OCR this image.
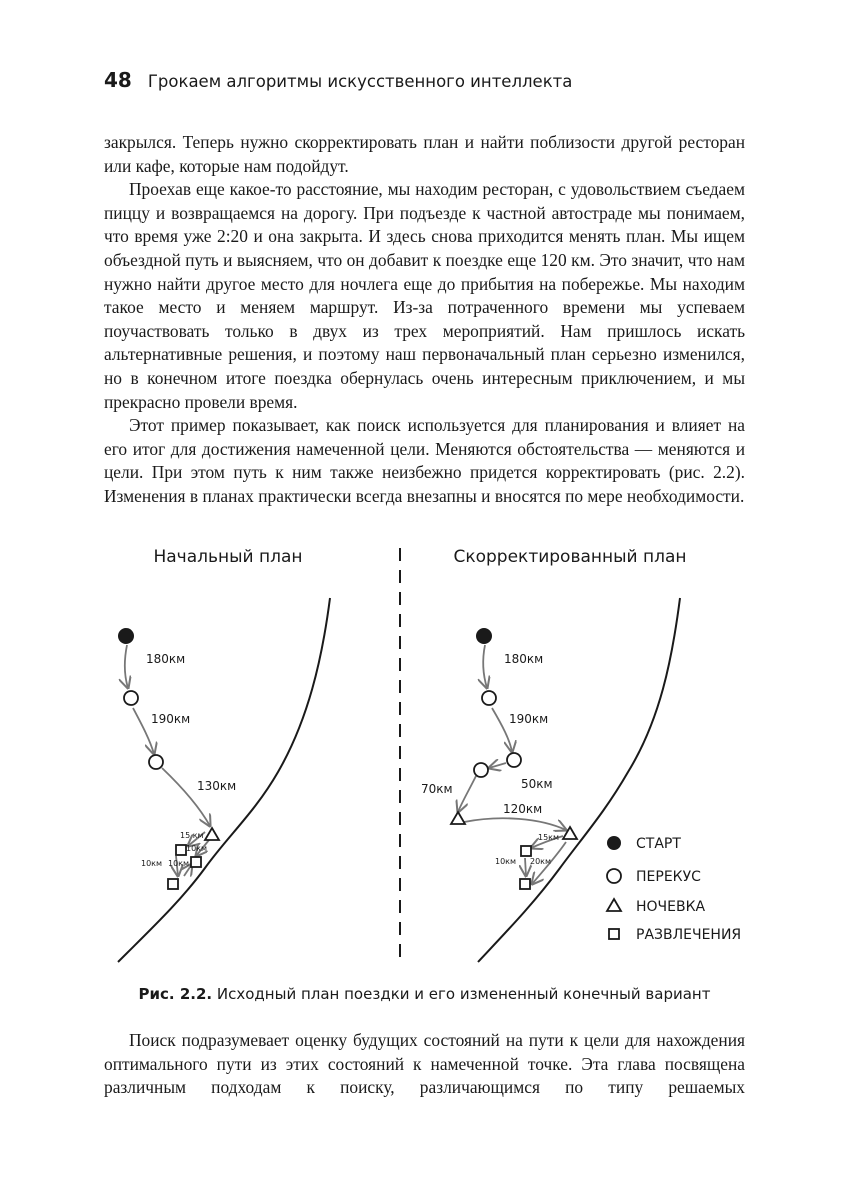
48 Грокаем алгоритмы искусственного интеллекта

закрылся. Теперь нужно скорректировать план и найти поблизости другой ресторан или кафе, которые нам подойдут.

Проехав еще какое-то расстояние, мы находим ресторан, с удовольствием съедаем пиццу и возвращаемся на дорогу. При подъезде к частной автостраде мы понимаем, что время уже 2:20 и она закрыта. И здесь снова приходится менять план. Мы ищем объездной путь и выясняем, что он добавит к поездке еще 120 км. Это значит, что нам нужно найти другое место для ночлега еще до прибытия на побережье. Мы находим такое место и меняем маршрут. Из-за потраченного времени мы успеваем поучаствовать только в двух из трех мероприятий. Нам пришлось искать альтернативные решения, и поэтому наш первоначальный план серьезно изменился, но в конечном итоге поездка обернулась очень интересным приключением, и мы прекрасно провели время.

Этот пример показывает, как поиск используется для планирования и влияет на его итог для достижения намеченной цели. Меняются обстоятельства — меняются и цели. При этом путь к ним также неизбежно придется корректировать (рис. 2.2). Изменения в планах практически всегда внезапны и вносятся по мере необходимости.

Начальный план	Скорректированный план
180км
190км
130км
15 км
10км
10км 10км
180км
190км
50км
70км
120км
15км
20км
10км
СТАРТ
ПЕРЕКУС
НОЧЕВКА
РАЗВЛЕЧЕНИЯ
Рис. 2.2. Исходный план поездки и его измененный конечный вариант

Поиск подразумевает оценку будущих состояний на пути к цели для нахождения оптимального пути из этих состояний к намеченной точке. Эта глава посвящена различным подходам к поиску, различающимся по типу решаемых
